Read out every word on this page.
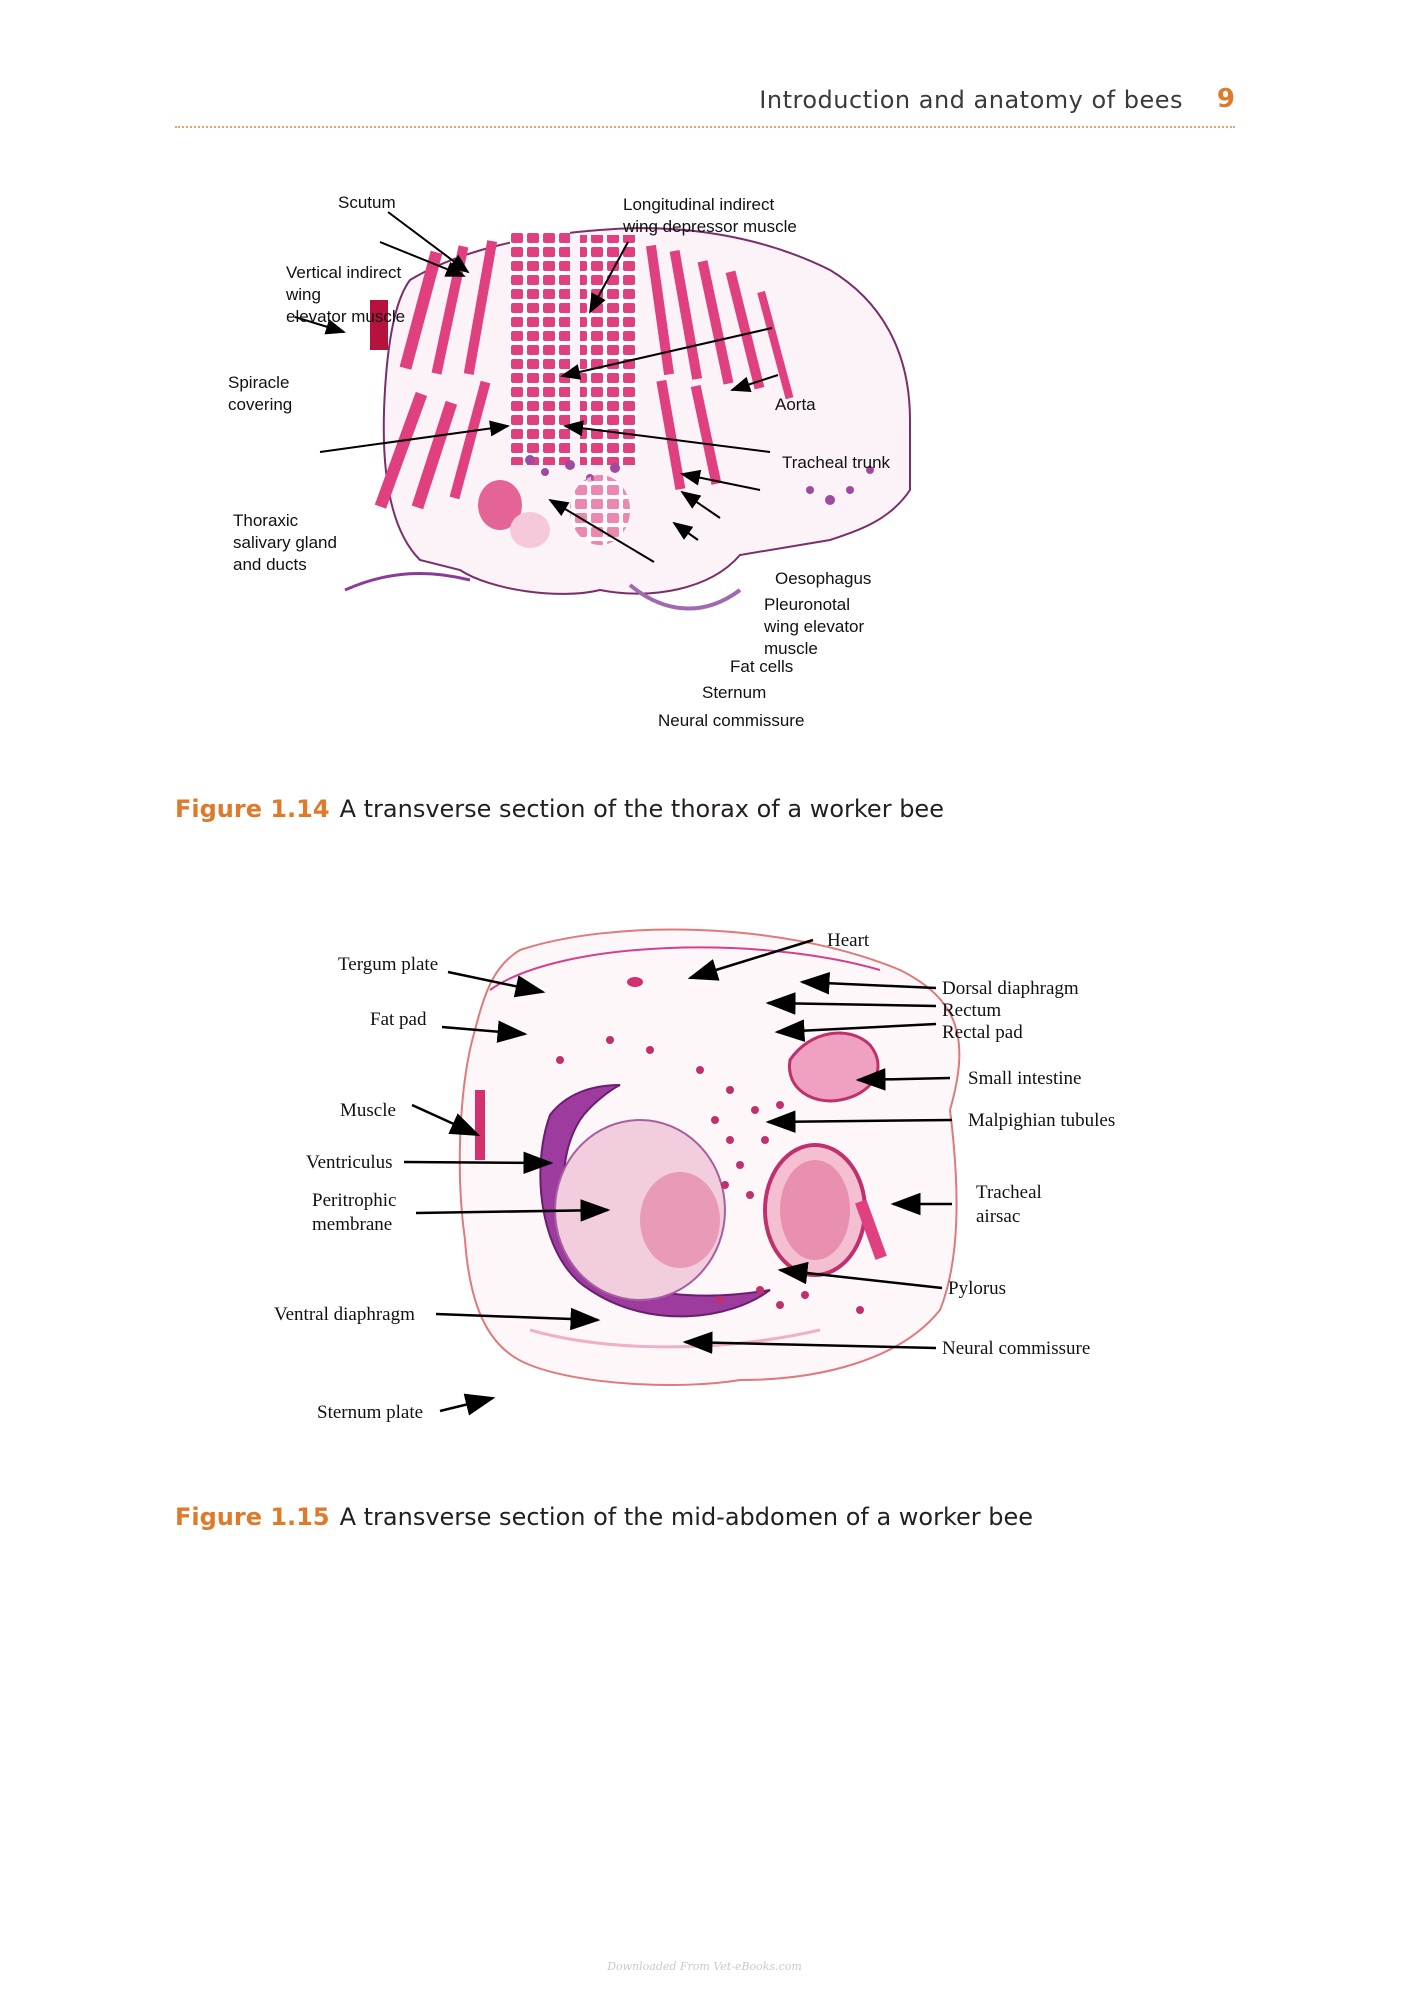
Introduction and anatomy of bees 9
Scutum	Longitudinal indirect
wing depressor muscle
Vertical indirect
wing
elevator muscle
Spiracle
covering	Aorta
Tracheal trunk
Thoraxic
salivary gland
and ducts
Oesophagus
Pleuronotal
wing elevator
muscle
Fat cells
Sternum
Neural commissure
Figure 1.14 A transverse section of the thorax of a worker bee
Heart
Tergum plate
Dorsal diaphragm
Rectum
Fat pad
Rectal pad
Small intestine
Muscle	Malpighian tubules
Ventriculus
Tracheal
airsac
Peritrophic
membrane
Pylorus
Ventral diaphragm
Neural commissure
Sternum plate
Figure 1.15 A transverse section of the mid-abdomen of a worker bee
Downloaded From Vet-eBooks.com
